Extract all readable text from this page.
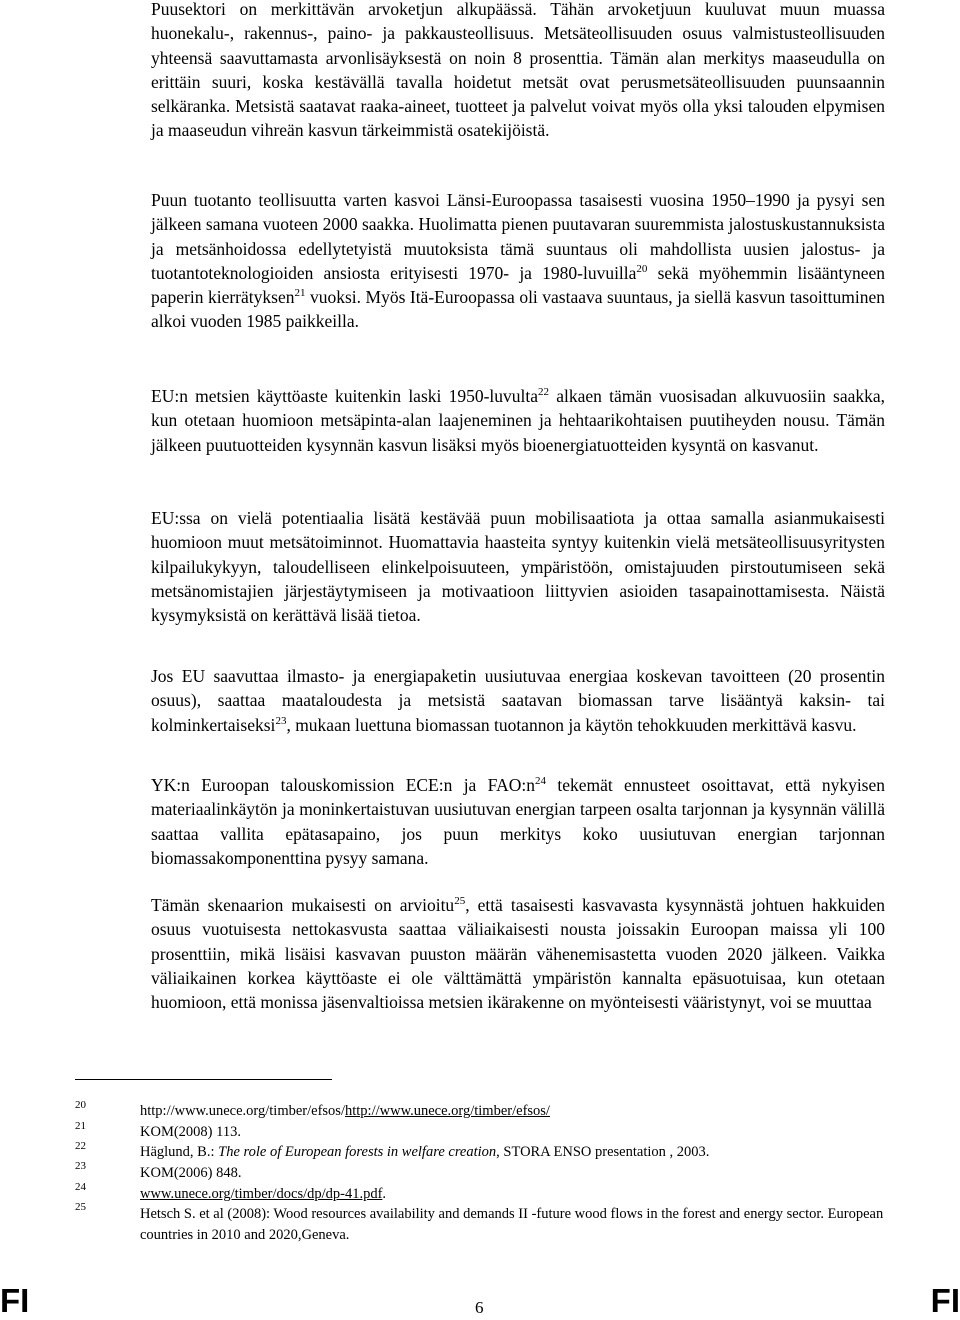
Puusektori on merkittävän arvoketjun alkupäässä. Tähän arvoketjuun kuuluvat muun muassa huonekalu-, rakennus-, paino- ja pakkausteollisuus. Metsäteollisuuden osuus valmistusteollisuuden yhteensä saavuttamasta arvonlisäyksestä on noin 8 prosenttia. Tämän alan merkitys maaseudulla on erittäin suuri, koska kestävällä tavalla hoidetut metsät ovat perusmetsäteollisuuden puunsaannin selkäranka. Metsistä saatavat raaka-aineet, tuotteet ja palvelut voivat myös olla yksi talouden elpymisen ja maaseudun vihreän kasvun tärkeimmistä osatekijöistä.

Puun tuotanto teollisuutta varten kasvoi Länsi-Euroopassa tasaisesti vuosina 1950–1990 ja pysyi sen jälkeen samana vuoteen 2000 saakka. Huolimatta pienen puutavaran suuremmista jalostuskustannuksista ja metsänhoidossa edellytetyistä muutoksista tämä suuntaus oli mahdollista uusien jalostus- ja tuotantoteknologioiden ansiosta erityisesti 1970- ja 1980-luvuilla$^{20}$ sekä myöhemmin lisääntyneen paperin kierrätyksen$^{21}$ vuoksi. Myös Itä-Euroopassa oli vastaava suuntaus, ja siellä kasvun tasoittuminen alkoi vuoden 1985 paikkeilla.

EU:n metsien käyttöaste kuitenkin laski 1950-luvulta$^{22}$ alkaen tämän vuosisadan alkuvuosiin saakka, kun otetaan huomioon metsäpinta-alan laajeneminen ja hehtaarikohtaisen puutiheyden nousu. Tämän jälkeen puutuotteiden kysynnän kasvun lisäksi myös bioenergiatuotteiden kysyntä on kasvanut.

EU:ssa on vielä potentiaalia lisätä kestävää puun mobilisaatiota ja ottaa samalla asianmukaisesti huomioon muut metsätoiminnot. Huomattavia haasteita syntyy kuitenkin vielä metsäteollisuusyritysten kilpailukykyyn, taloudelliseen elinkelpoisuuteen, ympäristöön, omistajuuden pirstoutumiseen sekä metsänomistajien järjestäytymiseen ja motivaatioon liittyvien asioiden tasapainottamisesta. Näistä kysymyksistä on kerättävä lisää tietoa.

Jos EU saavuttaa ilmasto- ja energiapaketin uusiutuvaa energiaa koskevan tavoitteen (20 prosentin osuus), saattaa maataloudesta ja metsistä saatavan biomassan tarve lisääntyä kaksin- tai kolminkertaiseksi$^{23}$, mukaan luettuna biomassan tuotannon ja käytön tehokkuuden merkittävä kasvu.

YK:n Euroopan talouskomission ECE:n ja $FAO:n^{24}$ tekemät ennusteet osoittavat, että nykyisen materiaalinkäytön ja moninkertaistuvan uusiutuvan energian tarpeen osalta tarjonnan ja kysynnän välillä saattaa vallita epätasapaino, jos puun merkitys koko uusiutuvan energian tarjonnan biomassakomponenttina pysyy samana.

Tämän skenaarion mukaisesti on arvioitu$^{25}$, että tasaisesti kasvavasta kysynnästä johtuen hakkuiden osuus vuotuisesta nettokasvusta saattaa väliaikaisesti nousta joissakin Euroopan maissa yli 100 prosenttiin, mikä lisäisi kasvavan puuston määrän vähenemisastetta vuoden 2020 jälkeen. Vaikka väliaikainen korkea käyttöaste ei ole välttämättä ympäristön kannalta epäsuotuisaa, kun otetaan huomioon, että monissa jäsenvaltioissa metsien ikärakenne on myönteisesti vääristynyt, voi se muuttaa

20	http://www.unece.org/timber/efsos/http://www.unece.org/timber/efsos/
21	KOM(2008) 113.
22	Häglund, B.: The role of European forests in welfare creation, STORA ENSO presentation , 2003.
23	KOM(2006) 848.
24	www.unece.org/timber/docs/dp/dp-41.pdf.
25	Hetsch S. et al (2008): Wood resources availability and demands II -future wood flows in the forest and energy sector. European countries in 2010 and 2020,Geneva.
FI	6	FI
